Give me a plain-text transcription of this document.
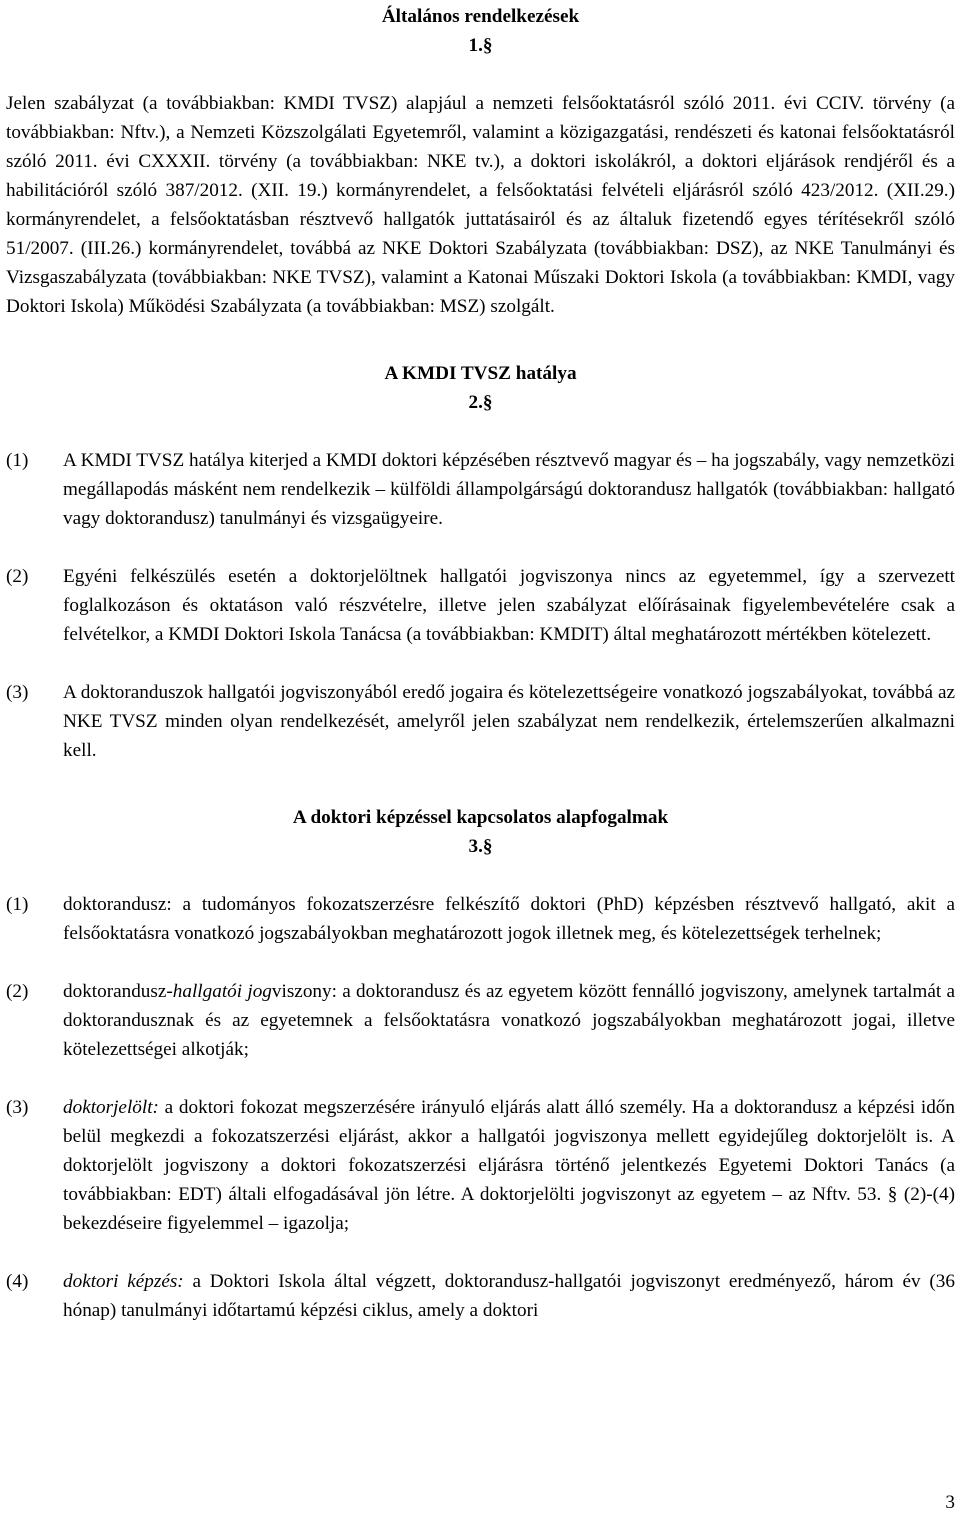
Általános rendelkezések

1.§

Jelen szabályzat (a továbbiakban: KMDI TVSZ) alapjául a nemzeti felsőoktatásról szóló 2011. évi CCIV. törvény (a továbbiakban: Nftv.), a Nemzeti Közszolgálati Egyetemről, valamint a közigazgatási, rendészeti és katonai felsőoktatásról szóló 2011. évi CXXXII. törvény (a továbbiakban: NKE tv.), a doktori iskolákról, a doktori eljárások rendjéről és a habilitációról szóló 387/2012. (XII. 19.) kormányrendelet, a felsőoktatási felvételi eljárásról szóló 423/2012. (XII.29.) kormányrendelet, a felsőoktatásban résztvevő hallgatók juttatásairól és az általuk fizetendő egyes térítésekről szóló 51/2007. (III.26.) kormányrendelet, továbbá az NKE Doktori Szabályzata (továbbiakban: DSZ), az NKE Tanulmányi és Vizsgaszabályzata (továbbiakban: NKE TVSZ), valamint a Katonai Műszaki Doktori Iskola (a továbbiakban: KMDI, vagy Doktori Iskola) Működési Szabályzata (a továbbiakban: MSZ) szolgált.

A KMDI TVSZ hatálya

2.§

(1)	A KMDI TVSZ hatálya kiterjed a KMDI doktori képzésében résztvevő magyar és – ha jogszabály, vagy nemzetközi megállapodás másként nem rendelkezik – külföldi állampolgárságú doktorandusz hallgatók (továbbiakban: hallgató vagy doktorandusz) tanulmányi és vizsgaügyeire.
(2)	Egyéni felkészülés esetén a doktorjelöltnek hallgatói jogviszonya nincs az egyetemmel, így a szervezett foglalkozáson és oktatáson való részvételre, illetve jelen szabályzat előírásainak figyelembevételére csak a felvételkor, a KMDI Doktori Iskola Tanácsa (a továbbiakban: KMDIT) által meghatározott mértékben kötelezett.
(3)	A doktoranduszok hallgatói jogviszonyából eredő jogaira és kötelezettségeire vonatkozó jogszabályokat, továbbá az NKE TVSZ minden olyan rendelkezését, amelyről jelen szabályzat nem rendelkezik, értelemszerűen alkalmazni kell.

A doktori képzéssel kapcsolatos alapfogalmak

3.§

(1)	doktorandusz: a tudományos fokozatszerzésre felkészítő doktori (PhD) képzésben résztvevő hallgató, akit a felsőoktatásra vonatkozó jogszabályokban meghatározott jogok illetnek meg, és kötelezettségek terhelnek;
(2)	doktorandusz-hallgatói jogviszony: a doktorandusz és az egyetem között fennálló jogviszony, amelynek tartalmát a doktorandusznak és az egyetemnek a felsőoktatásra vonatkozó jogszabályokban meghatározott jogai, illetve kötelezettségei alkotják;
(3)	doktorjelölt: a doktori fokozat megszerzésére irányuló eljárás alatt álló személy. Ha a doktorandusz a képzési időn belül megkezdi a fokozatszerzési eljárást, akkor a hallgatói jogviszonya mellett egyidejűleg doktorjelölt is. A doktorjelölt jogviszony a doktori fokozatszerzési eljárásra történő jelentkezés Egyetemi Doktori Tanács (a továbbiakban: EDT) általi elfogadásával jön létre. A doktorjelölti jogviszonyt az egyetem – az Nftv. 53. § (2)-(4) bekezdéseire figyelemmel – igazolja;
(4)	doktori képzés: a Doktori Iskola által végzett, doktorandusz-hallgatói jogviszonyt eredményező, három év (36 hónap) tanulmányi időtartamú képzési ciklus, amely a doktori
3
